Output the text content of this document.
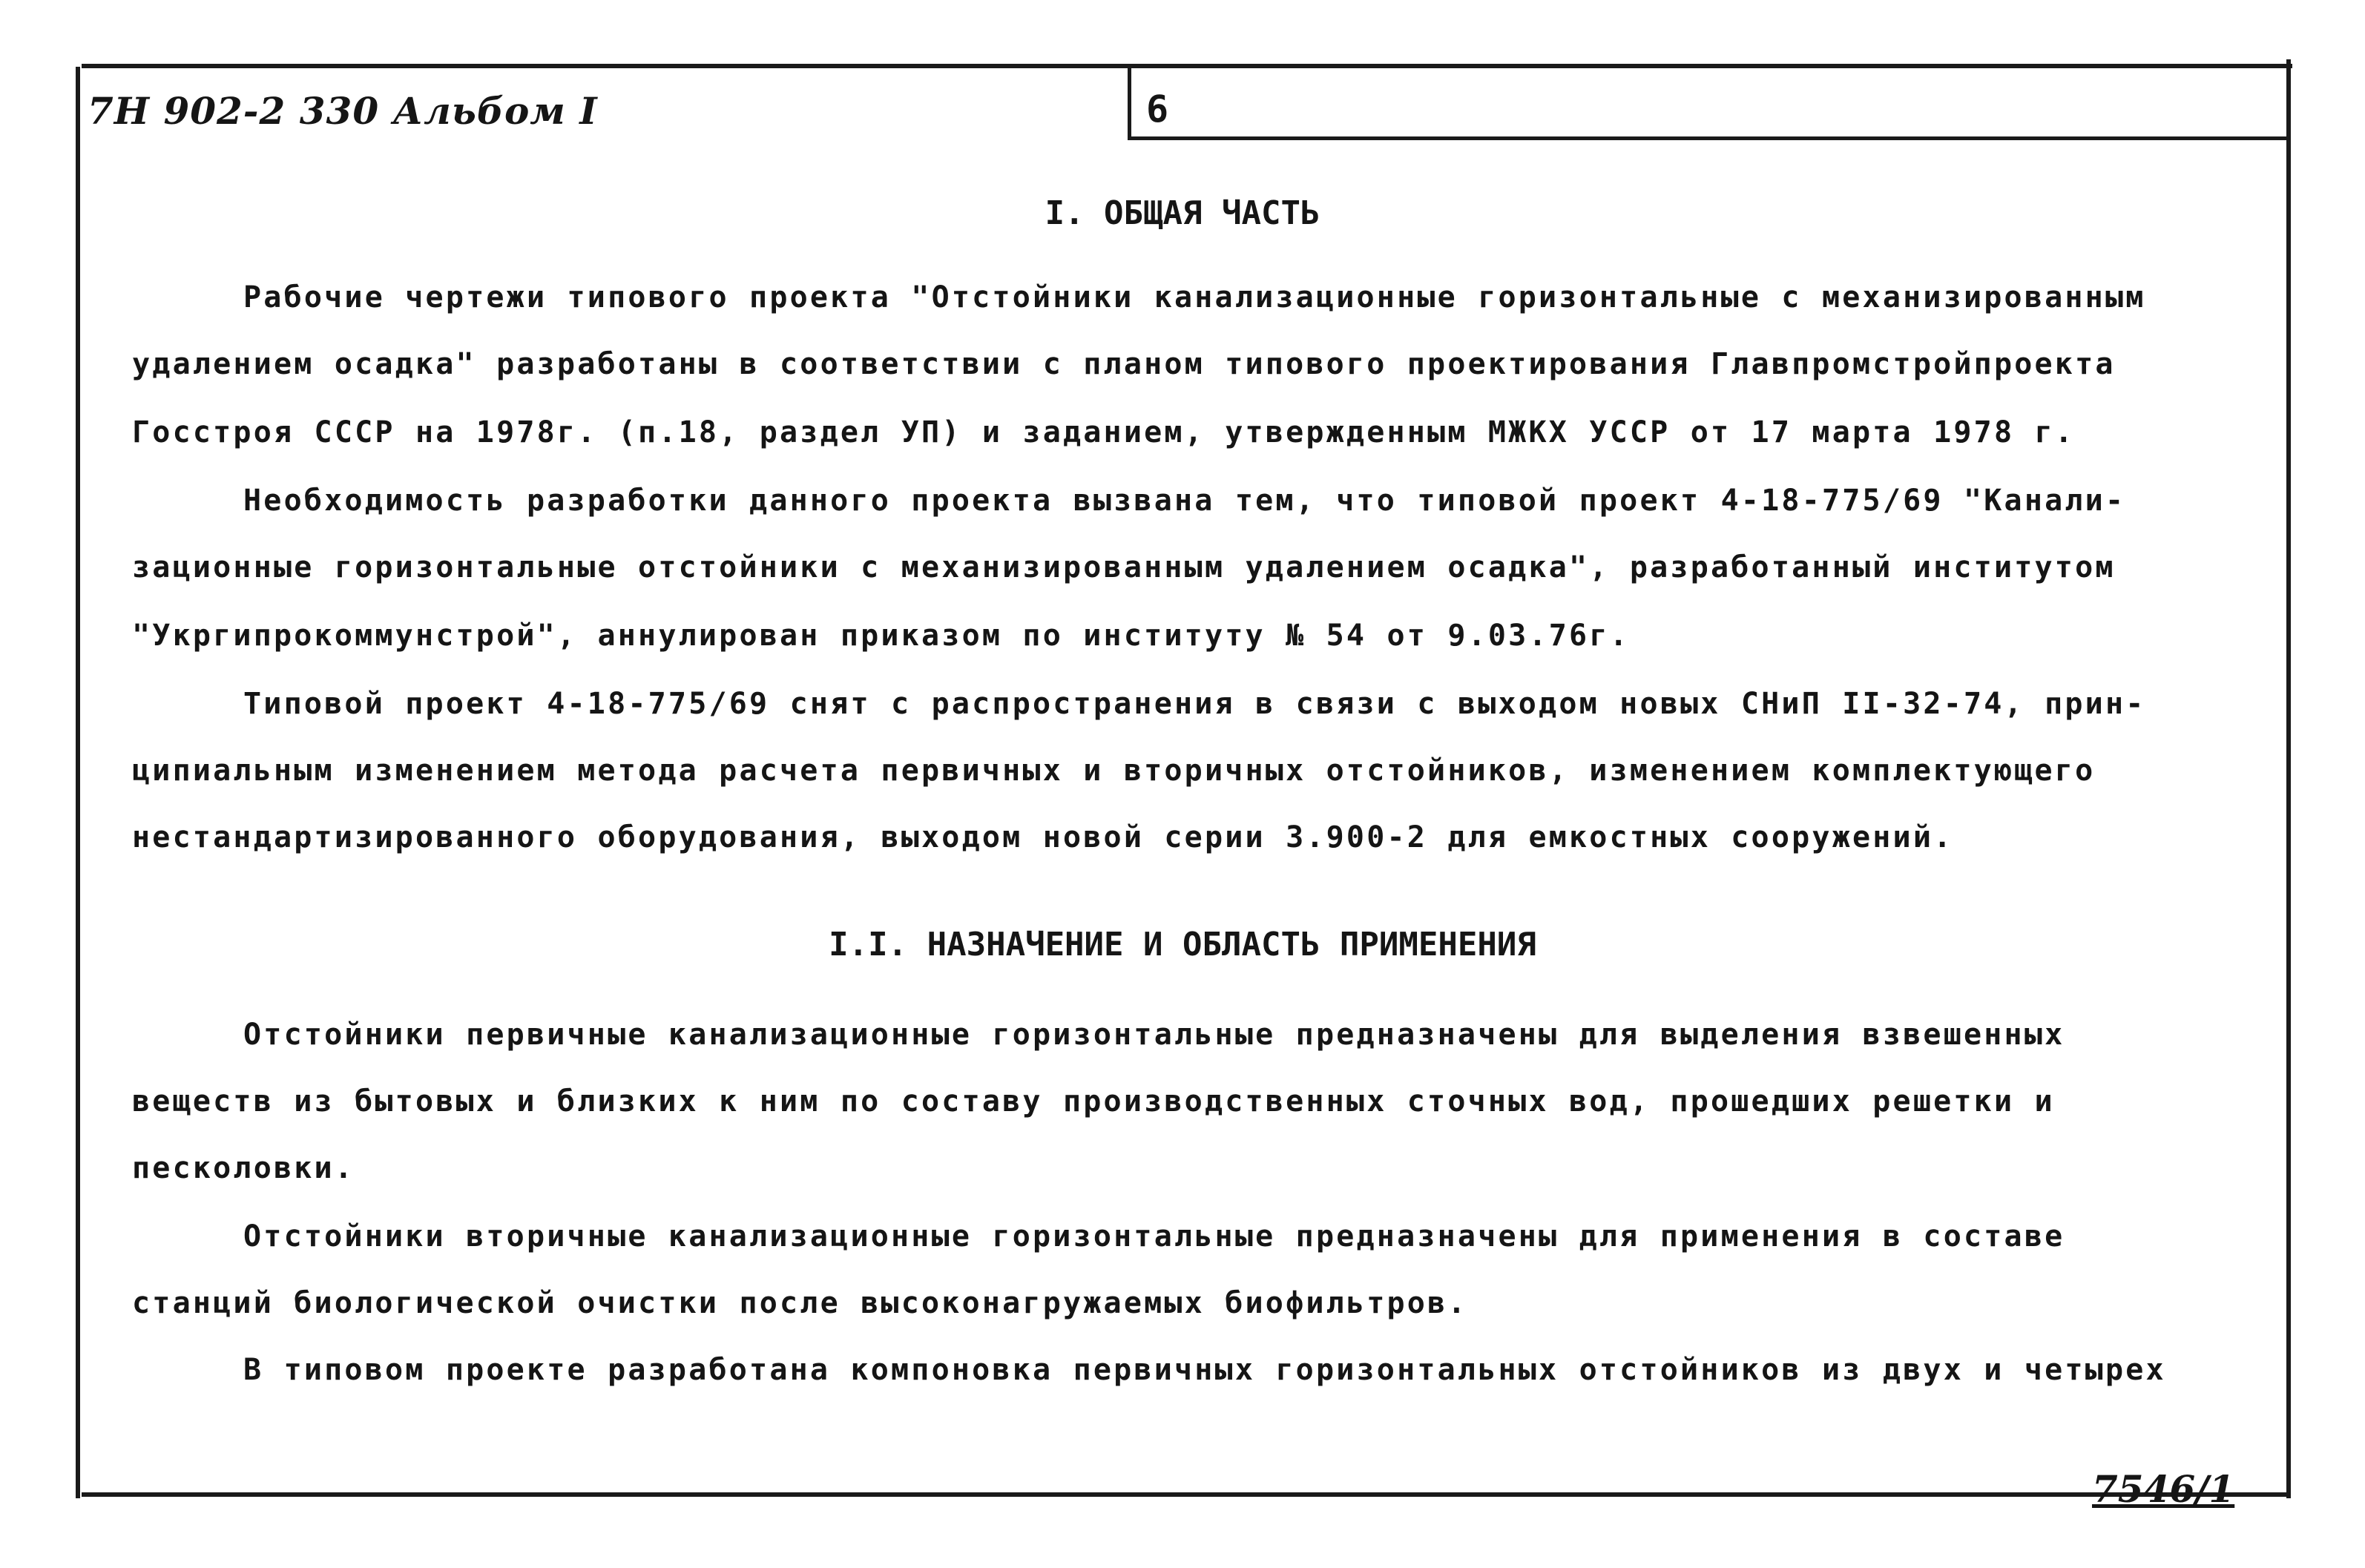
7Н 902-2 330 Альбом I	6
I. ОБЩАЯ ЧАСТЬ
Рабочие чертежи типового проекта "Отстойники канализационные горизонтальные с механизированным
удалением осадка" разработаны в соответствии с планом типового проектирования Главпромстройпроекта
Госстроя СССР на 1978г. (п.18, раздел УП) и заданием, утвержденным МЖКХ УССР от 17 марта 1978 г.
Необходимость разработки данного проекта вызвана тем, что типовой проект 4-18-775/69 "Канали-
зационные горизонтальные отстойники с механизированным удалением осадка", разработанный институтом
"Укргипрокоммунстрой", аннулирован приказом по институту № 54 от 9.03.76г.
Типовой проект 4-18-775/69 снят с распространения в связи с выходом новых СНиП II-32-74, прин-
ципиальным изменением метода расчета первичных и вторичных отстойников, изменением комплектующего
нестандартизированного оборудования, выходом новой серии 3.900-2 для емкостных сооружений.
I.I. НАЗНАЧЕНИЕ И ОБЛАСТЬ ПРИМЕНЕНИЯ
Отстойники первичные канализационные горизонтальные предназначены для выделения взвешенных
веществ из бытовых и близких к ним по составу производственных сточных вод, прошедших решетки и
песколовки.
Отстойники вторичные канализационные горизонтальные предназначены для применения в составе
станций биологической очистки после высоконагружаемых биофильтров.
В типовом проекте разработана компоновка первичных горизонтальных отстойников из двух и четырех
7546/1
